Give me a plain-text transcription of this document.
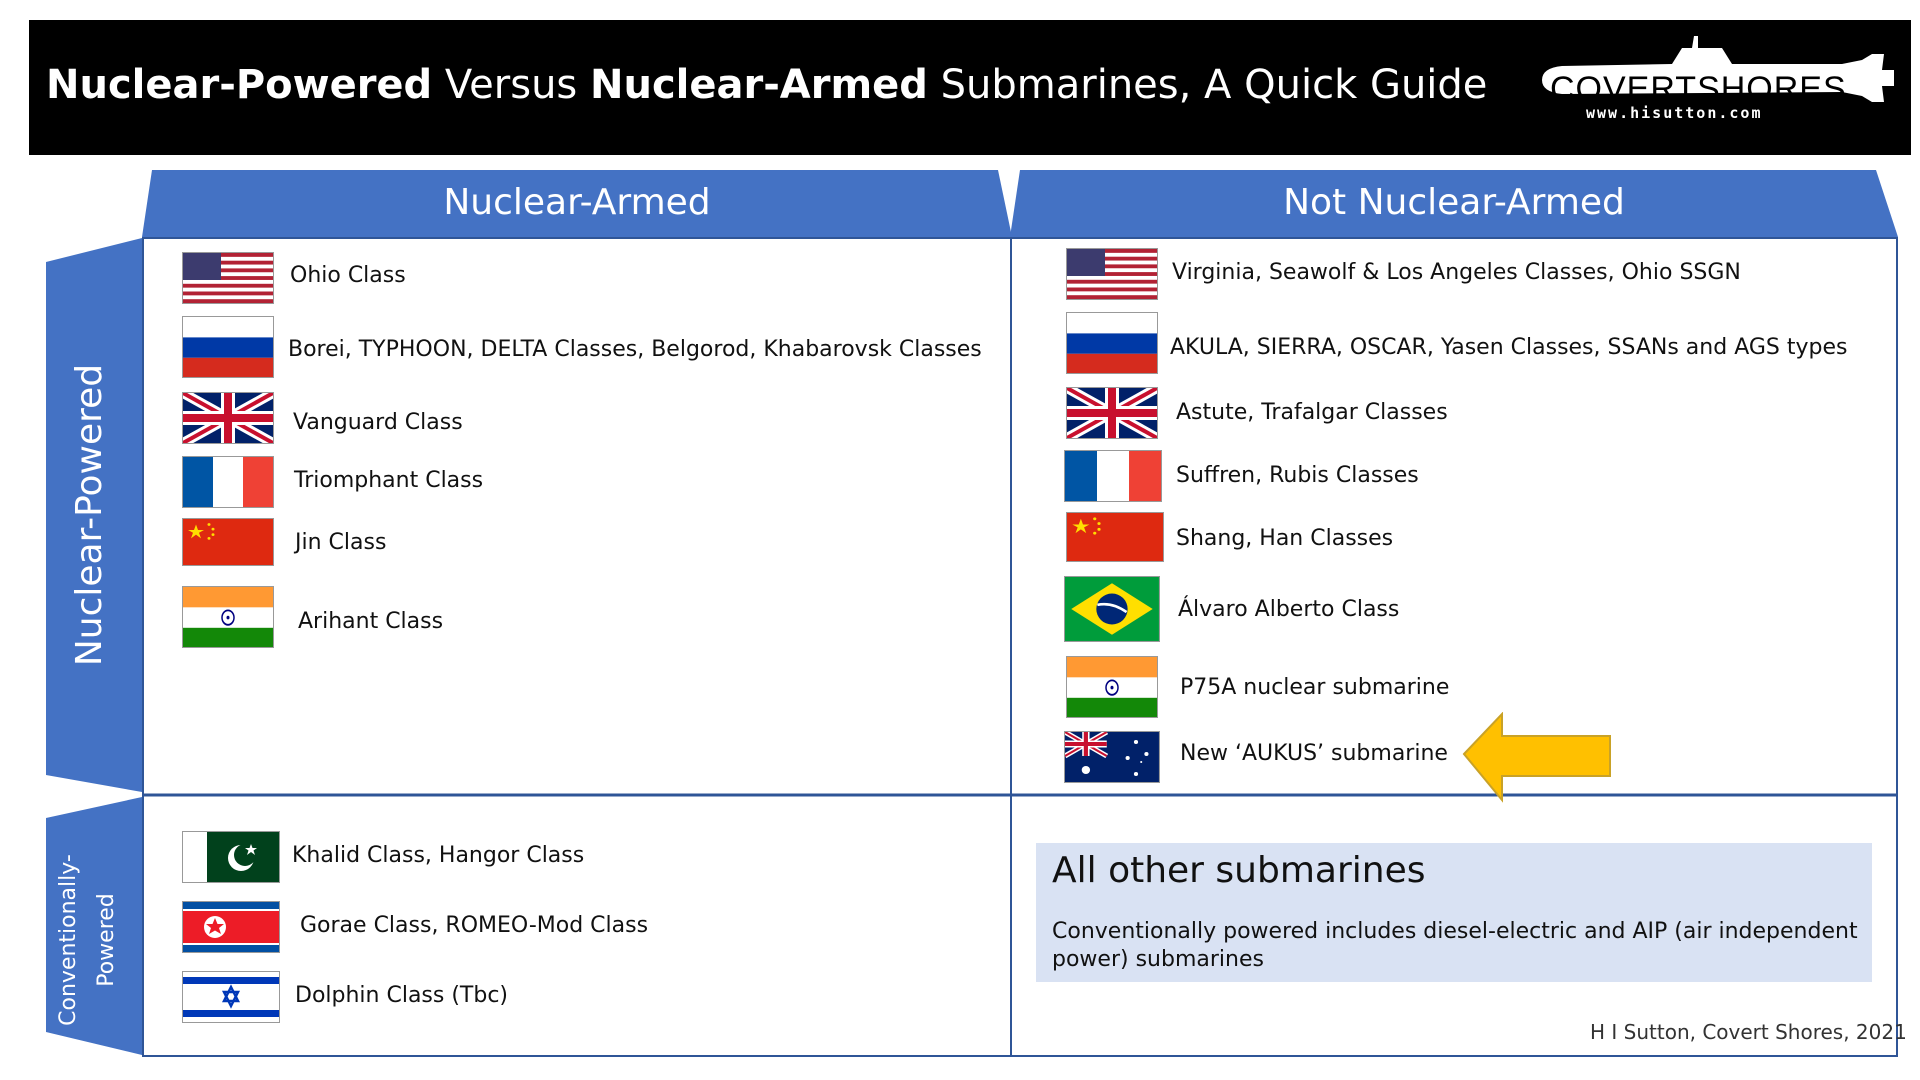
Nuclear-Powered Versus Nuclear-Armed Submarines, A Quick Guide COVERTSHORES
www.hisutton.com
Nuclear-Armed	Not Nuclear-Armed
Nuclear-Powered
Conventionally- Powered
Ohio Class
Borei, TYPHOON, DELTA Classes, Belgorod, Khabarovsk Classes
Vanguard Class
Triomphant Class
Jin Class
Arihant Class
Virginia, Seawolf & Los Angeles Classes, Ohio SSGN
AKULA, SIERRA, OSCAR, Yasen Classes, SSANs and AGS types
Astute, Trafalgar Classes
Suffren, Rubis Classes
Shang, Han Classes
Álvaro Alberto Class
P75A nuclear submarine
New ‘AUKUS’ submarine
Khalid Class, Hangor Class
Gorae Class, ROMEO-Mod Class
Dolphin Class (Tbc)
All other submarines
Conventionally powered includes diesel-electric and AIP (air independent power) submarines
H I Sutton, Covert Shores, 2021
